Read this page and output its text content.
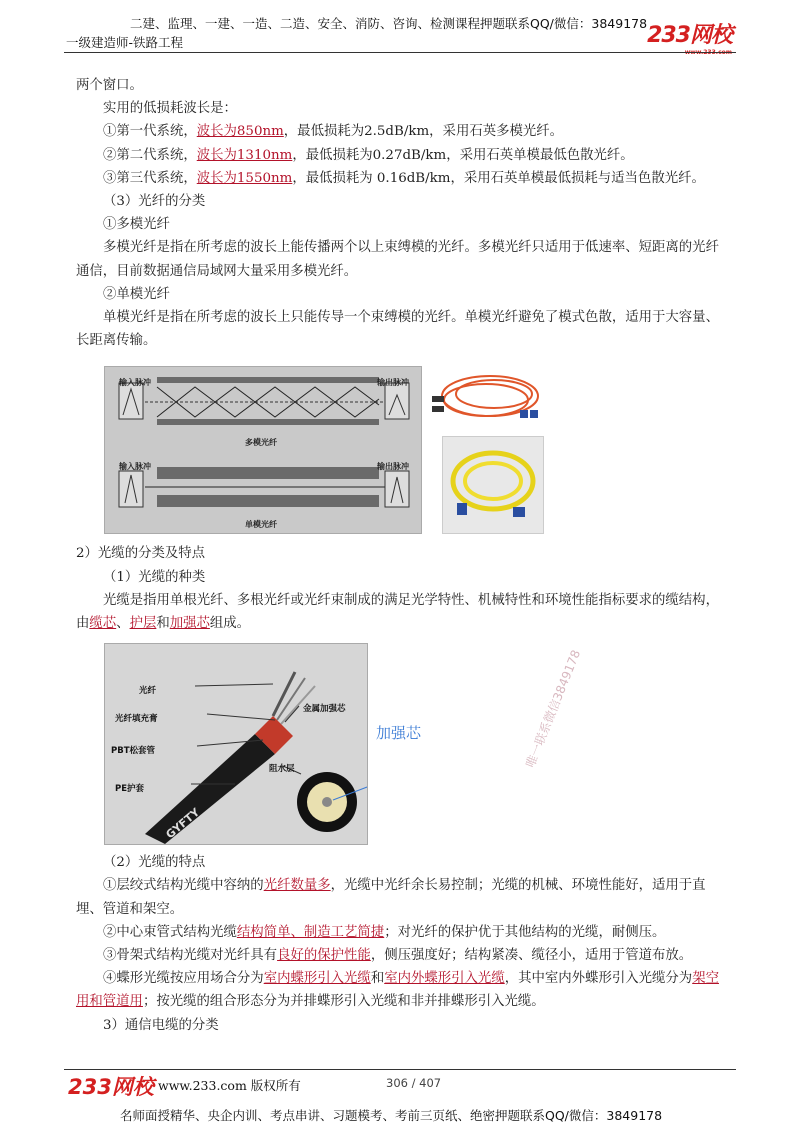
二建、监理、一建、一造、二造、安全、消防、咨询、检测课程押题联系QQ/微信：3849178
一级建造师-铁路工程	233网校
www.233.com

两个窗口。

实用的低损耗波长是：

①第一代系统，波长为850nm，最低损耗为2.5dB/km，采用石英多模光纤。

②第二代系统，波长为1310nm，最低损耗为0.27dB/km，采用石英单模最低色散光纤。

③第三代系统，波长为1550nm，最低损耗为 0.16dB/km，采用石英单模最低损耗与适当色散光纤。

（3）光纤的分类

①多模光纤

多模光纤是指在所考虑的波长上能传播两个以上束缚模的光纤。多模光纤只适用于低速率、短距离的光纤通信，目前数据通信局域网大量采用多模光纤。

②单模光纤

单模光纤是指在所考虑的波长上只能传导一个束缚模的光纤。单模光纤避免了模式色散，适用于大容量、长距离传输。

输入脉冲	输出脉冲
多模光纤
输入脉冲	输出脉冲
单模光纤

2）光缆的分类及特点

（1）光缆的种类

光缆是指用单根光纤、多根光纤或光纤束制成的满足光学特性、机械特性和环境性能指标要求的缆结构，由缆芯、护层和加强芯组成。

光纤
光纤填充膏
PBT松套管
PE护套
金属加强芯
阻水层
GYFTY
加强芯

（2）光缆的特点

①层绞式结构光缆中容纳的光纤数量多，光缆中光纤余长易控制；光缆的机械、环境性能好，适用于直埋、管道和架空。

②中心束管式结构光缆结构简单、制造工艺简捷；对光纤的保护优于其他结构的光缆，耐侧压。

③骨架式结构光缆对光纤具有良好的保护性能，侧压强度好；结构紧凑、缆径小，适用于管道布放。

④蝶形光缆按应用场合分为室内蝶形引入光缆和室内外蝶形引入光缆，其中室内外蝶形引入光缆分为架空用和管道用；按光缆的组合形态分为并排蝶形引入光缆和非并排蝶形引入光缆。

3）通信电缆的分类

唯一联系微信3849178
233网校 www.233.com 版权所有	306 / 407
名师面授精华、央企内训、考点串讲、习题模考、考前三页纸、绝密押题联系QQ/微信：3849178
